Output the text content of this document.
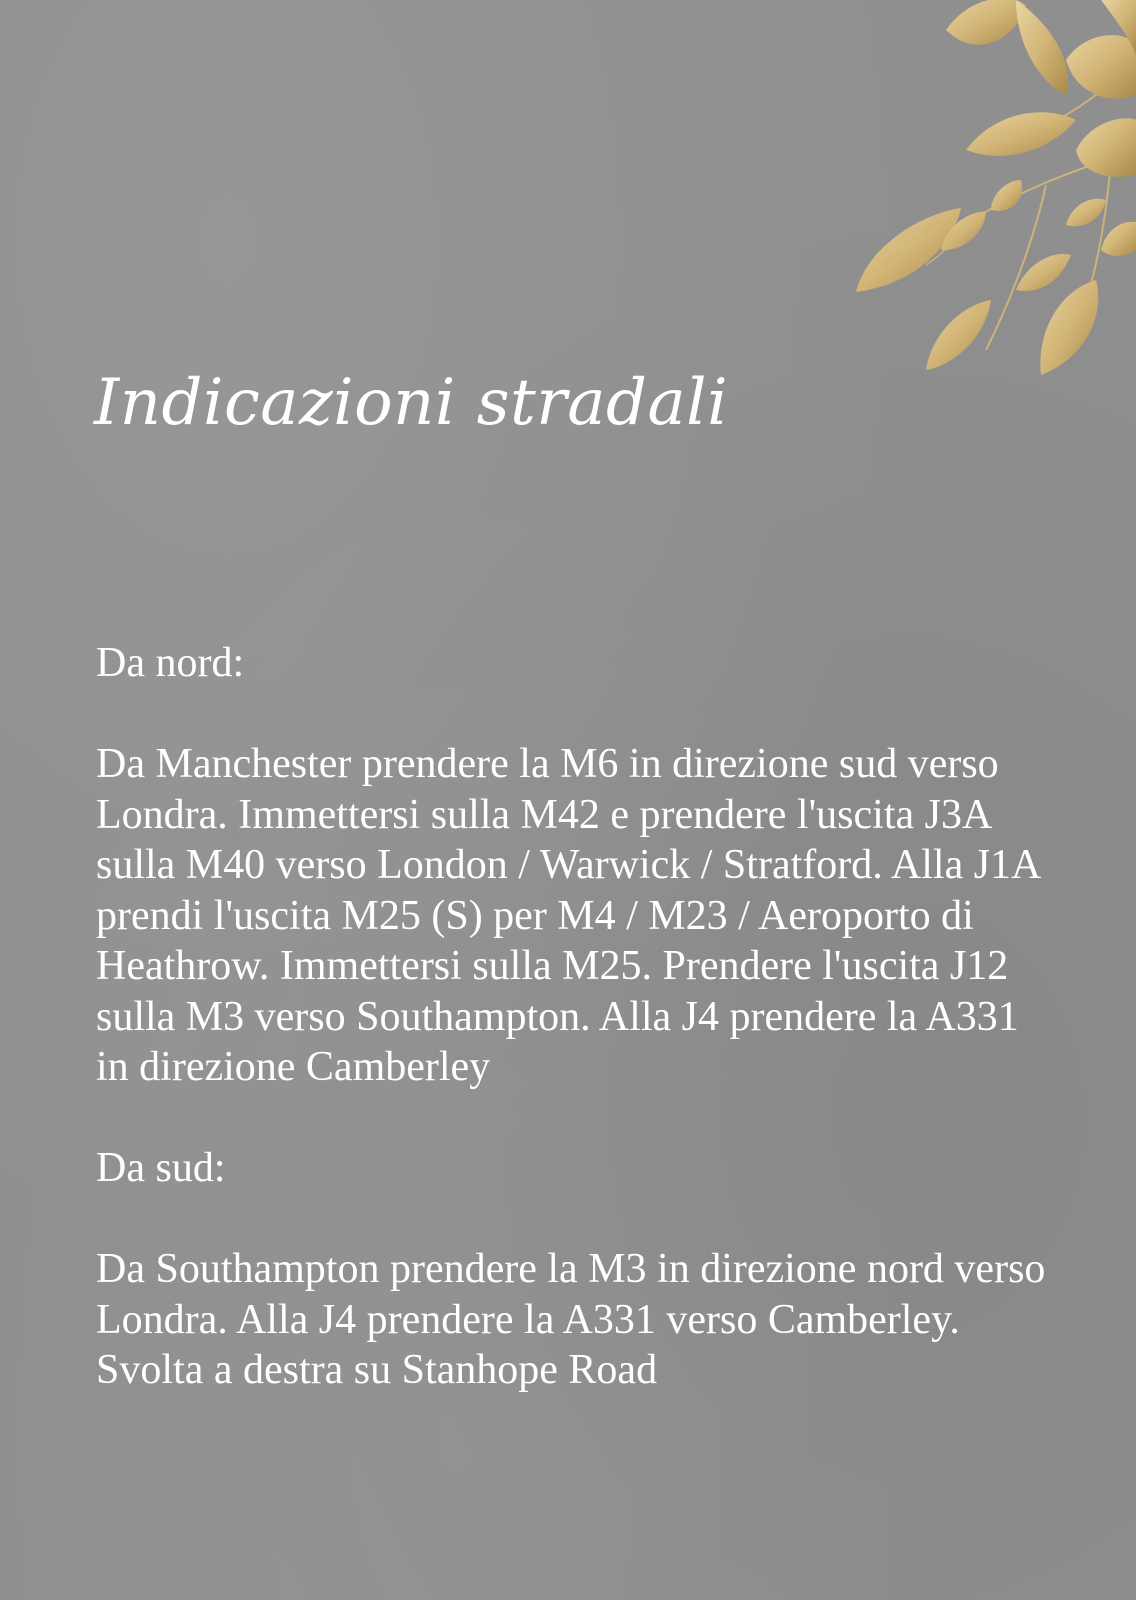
Indicazioni stradali

Da nord:

Da Manchester prendere la M6 in direzione sud verso Londra. Immettersi sulla M42 e prendere l'uscita J3A sulla M40 verso London / Warwick / Stratford. Alla J1A prendi l'uscita M25 (S) per M4 / M23 / Aeroporto di Heathrow. Immettersi sulla M25. Prendere l'uscita J12 sulla M3 verso Southampton. Alla J4 prendere la A331 in direzione Camberley

Da sud:

Da Southampton prendere la M3 in direzione nord verso Londra. Alla J4 prendere la A331 verso Camberley. Svolta a destra su Stanhope Road
